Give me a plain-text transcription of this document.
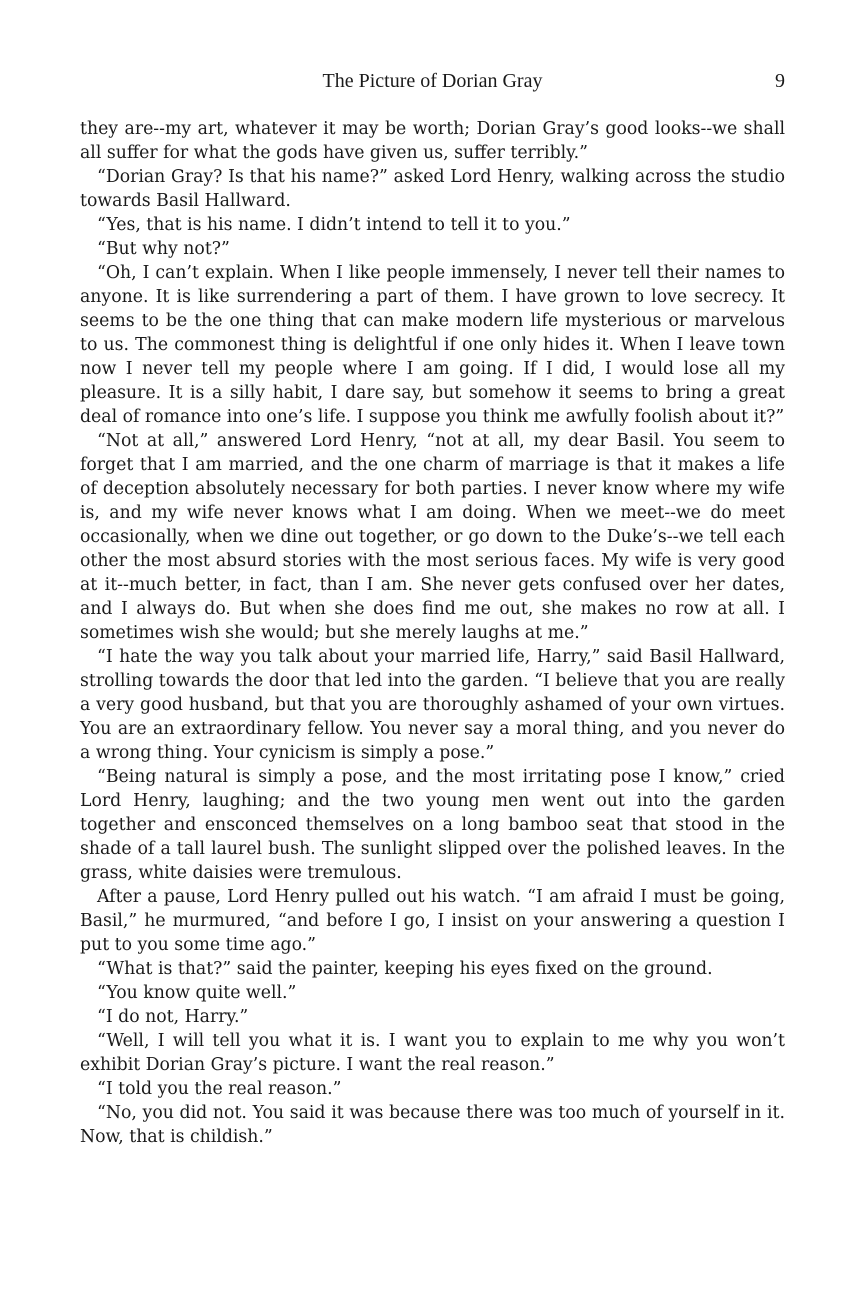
The Picture of Dorian Gray	9

they are--my art, whatever it may be worth; Dorian Gray’s good looks--we shall all suffer for what the gods have given us, suffer terribly.”

“Dorian Gray? Is that his name?” asked Lord Henry, walking across the studio towards Basil Hallward.

“Yes, that is his name. I didn’t intend to tell it to you.”

“But why not?”

“Oh, I can’t explain. When I like people immensely, I never tell their names to anyone. It is like surrendering a part of them. I have grown to love secrecy. It seems to be the one thing that can make modern life mysterious or marvelous to us. The commonest thing is delightful if one only hides it. When I leave town now I never tell my people where I am going. If I did, I would lose all my pleasure. It is a silly habit, I dare say, but somehow it seems to bring a great deal of romance into one’s life. I suppose you think me awfully foolish about it?”

“Not at all,” answered Lord Henry, “not at all, my dear Basil. You seem to forget that I am married, and the one charm of marriage is that it makes a life of deception absolutely necessary for both parties. I never know where my wife is, and my wife never knows what I am doing. When we meet--we do meet occasionally, when we dine out together, or go down to the Duke’s--we tell each other the most absurd stories with the most serious faces. My wife is very good at it--much better, in fact, than I am. She never gets confused over her dates, and I always do. But when she does find me out, she makes no row at all. I sometimes wish she would; but she merely laughs at me.”

“I hate the way you talk about your married life, Harry,” said Basil Hallward, strolling towards the door that led into the garden. “I believe that you are really a very good husband, but that you are thoroughly ashamed of your own virtues. You are an extraordinary fellow. You never say a moral thing, and you never do a wrong thing. Your cynicism is simply a pose.”

“Being natural is simply a pose, and the most irritating pose I know,” cried Lord Henry, laughing; and the two young men went out into the garden together and ensconced themselves on a long bamboo seat that stood in the shade of a tall laurel bush. The sunlight slipped over the polished leaves. In the grass, white daisies were tremulous.

After a pause, Lord Henry pulled out his watch. “I am afraid I must be going, Basil,” he murmured, “and before I go, I insist on your answering a question I put to you some time ago.”

“What is that?” said the painter, keeping his eyes fixed on the ground.

“You know quite well.”

“I do not, Harry.”

“Well, I will tell you what it is. I want you to explain to me why you won’t exhibit Dorian Gray’s picture. I want the real reason.”

“I told you the real reason.”

“No, you did not. You said it was because there was too much of yourself in it. Now, that is childish.”
